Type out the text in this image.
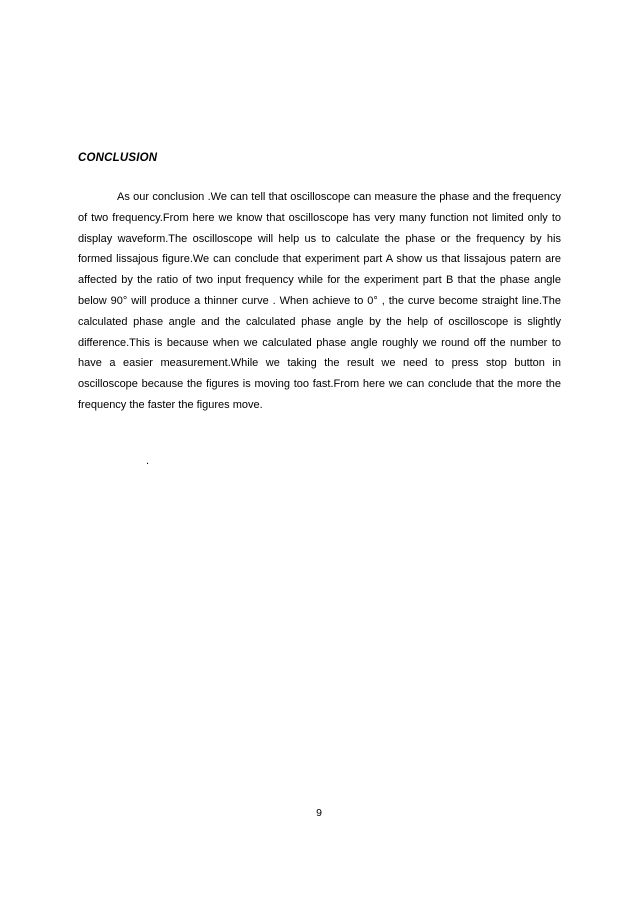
CONCLUSION

As our conclusion .We can tell that oscilloscope can measure the phase and the frequency of two frequency.From here we know that oscilloscope has very many function not limited only to display waveform.The oscilloscope will help us to calculate the phase or the frequency by his formed lissajous figure.We can conclude that experiment part A show us that lissajous patern are affected by the ratio of two input frequency while for the experiment part B that the phase angle below 90° will produce a thinner curve . When achieve to 0° , the curve become straight line.The calculated phase angle and the calculated phase angle by the help of oscilloscope is slightly difference.This is because when we calculated phase angle roughly we round off the number to have a easier measurement.While we taking the result we need to press stop button in oscilloscope because the figures is moving too fast.From here we can conclude that the more the frequency the faster the figures move.

.
9
